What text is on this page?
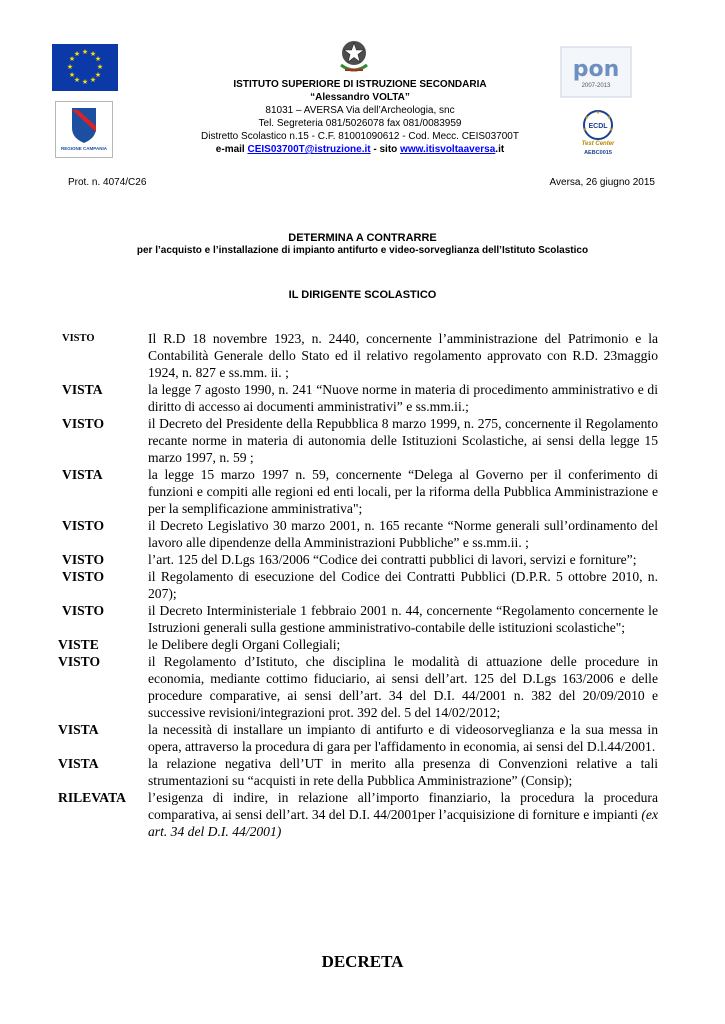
★ ★
★
★
★
★
★
★
★
★
★
★
REGIONE CAMPANIA
pon
2007-2013
★
★
★
★
★
ECDL
Test Center
AEBC0015
ISTITUTO SUPERIORE DI ISTRUZIONE SECONDARIA
“Alessandro VOLTA”
81031 – AVERSA Via dell’Archeologia, snc
Tel. Segreteria 081/5026078 fax 081/0083959
Distretto Scolastico n.15 - C.F. 81001090612 - Cod. Mecc. CEIS03700T
e-mail CEIS03700T@istruzione.it - sito www.itisvoltaaversa.it
Prot. n. 4074/C26	Aversa, 26 giugno 2015
DETERMINA A CONTRARRE
per l’acquisto e l’installazione di impianto antifurto e video-sorveglianza dell’Istituto Scolastico
IL DIRIGENTE SCOLASTICO
VISTO	Il R.D 18 novembre 1923, n. 2440, concernente l’amministrazione del Patrimonio e la Contabilità Generale dello Stato ed il relativo regolamento approvato con R.D. 23maggio 1924, n. 827 e ss.mm. ii. ;
VISTA	la legge 7 agosto 1990, n. 241 “Nuove norme in materia di procedimento amministrativo e di diritto di accesso ai documenti amministrativi” e ss.mm.ii.;
VISTO	il Decreto del Presidente della Repubblica 8 marzo 1999, n. 275, concernente il Regolamento recante norme in materia di autonomia delle Istituzioni Scolastiche, ai sensi della legge 15 marzo 1997, n. 59 ;
VISTA	la legge 15 marzo 1997 n. 59, concernente “Delega al Governo per il conferimento di funzioni e compiti alle regioni ed enti locali, per la riforma della Pubblica Amministrazione e per la semplificazione amministrativa";
VISTO	il Decreto Legislativo 30 marzo 2001, n. 165 recante “Norme generali sull’ordinamento del lavoro alle dipendenze della Amministrazioni Pubbliche” e ss.mm.ii. ;
VISTO	l’art. 125 del D.Lgs 163/2006 “Codice dei contratti pubblici di lavori, servizi e forniture”;
VISTO	il Regolamento di esecuzione del Codice dei Contratti Pubblici (D.P.R. 5 ottobre 2010, n. 207);
VISTO	il Decreto Interministeriale 1 febbraio 2001 n. 44, concernente “Regolamento concernente le Istruzioni generali sulla gestione amministrativo-contabile delle istituzioni scolastiche";
VISTE	le Delibere degli Organi Collegiali;
VISTO	il Regolamento d’Istituto, che disciplina le modalità di attuazione delle procedure in economia, mediante cottimo fiduciario, ai sensi dell’art. 125 del D.Lgs 163/2006 e delle procedure comparative, ai sensi dell’art. 34 del D.I. 44/2001 n. 382 del 20/09/2010 e successive revisioni/integrazioni prot. 392 del. 5 del 14/02/2012;
VISTA	la necessità di installare un impianto di antifurto e di videosorveglianza e la sua messa in opera, attraverso la procedura di gara per l'affidamento in economia, ai sensi del D.l.44/2001.
VISTA	la relazione negativa dell’UT in merito alla presenza di Convenzioni relative a tali strumentazioni su “acquisti in rete della Pubblica Amministrazione” (Consip);
RILEVATA	l’esigenza di indire, in relazione all’importo finanziario, la procedura la procedura comparativa, ai sensi dell’art. 34 del D.I. 44/2001per l’acquisizione di forniture e impianti (ex art. 34 del D.I. 44/2001)
DECRETA
